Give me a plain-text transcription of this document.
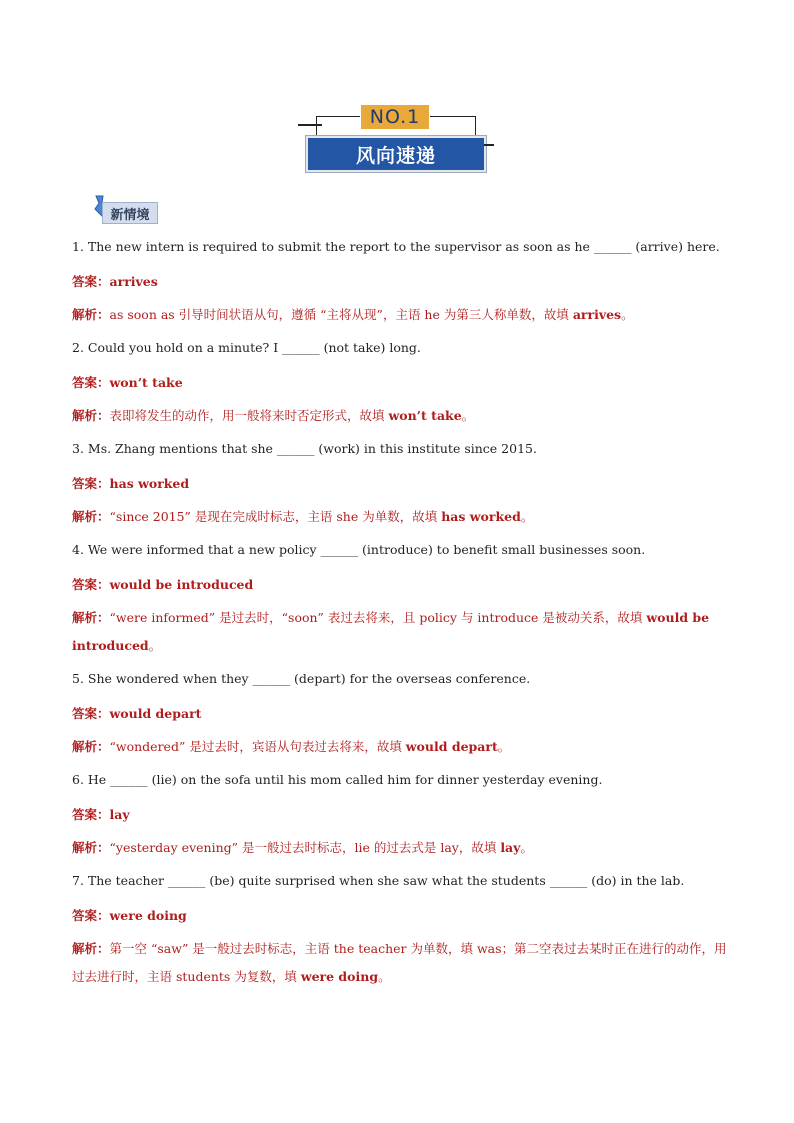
NO.1
风向速递
新情境

1. The new intern is required to submit the report to the supervisor as soon as he ______ (arrive) here.

答案：arrives

解析：as soon as 引导时间状语从句，遵循 “主将从现”，主语 he 为第三人称单数，故填 arrives。

2. Could you hold on a minute? I ______ (not take) long.

答案：won’t take

解析：表即将发生的动作，用一般将来时否定形式，故填 won’t take。

3. Ms. Zhang mentions that she ______ (work) in this institute since 2015.

答案：has worked

解析：“since 2015” 是现在完成时标志，主语 she 为单数，故填 has worked。

4. We were informed that a new policy ______ (introduce) to benefit small businesses soon.

答案：would be introduced

解析：“were informed” 是过去时，“soon” 表过去将来，且 policy 与 introduce 是被动关系，故填 would be introduced。

5. She wondered when they ______ (depart) for the overseas conference.

答案：would depart

解析：“wondered” 是过去时，宾语从句表过去将来，故填 would depart。

6. He ______ (lie) on the sofa until his mom called him for dinner yesterday evening.

答案：lay

解析：“yesterday evening” 是一般过去时标志，lie 的过去式是 lay，故填 lay。

7. The teacher ______ (be) quite surprised when she saw what the students ______ (do) in the lab.

答案：were doing

解析：第一空 “saw” 是一般过去时标志，主语 the teacher 为单数，填 was；第二空表过去某时正在进行的动作，用过去进行时，主语 students 为复数，填 were doing。
